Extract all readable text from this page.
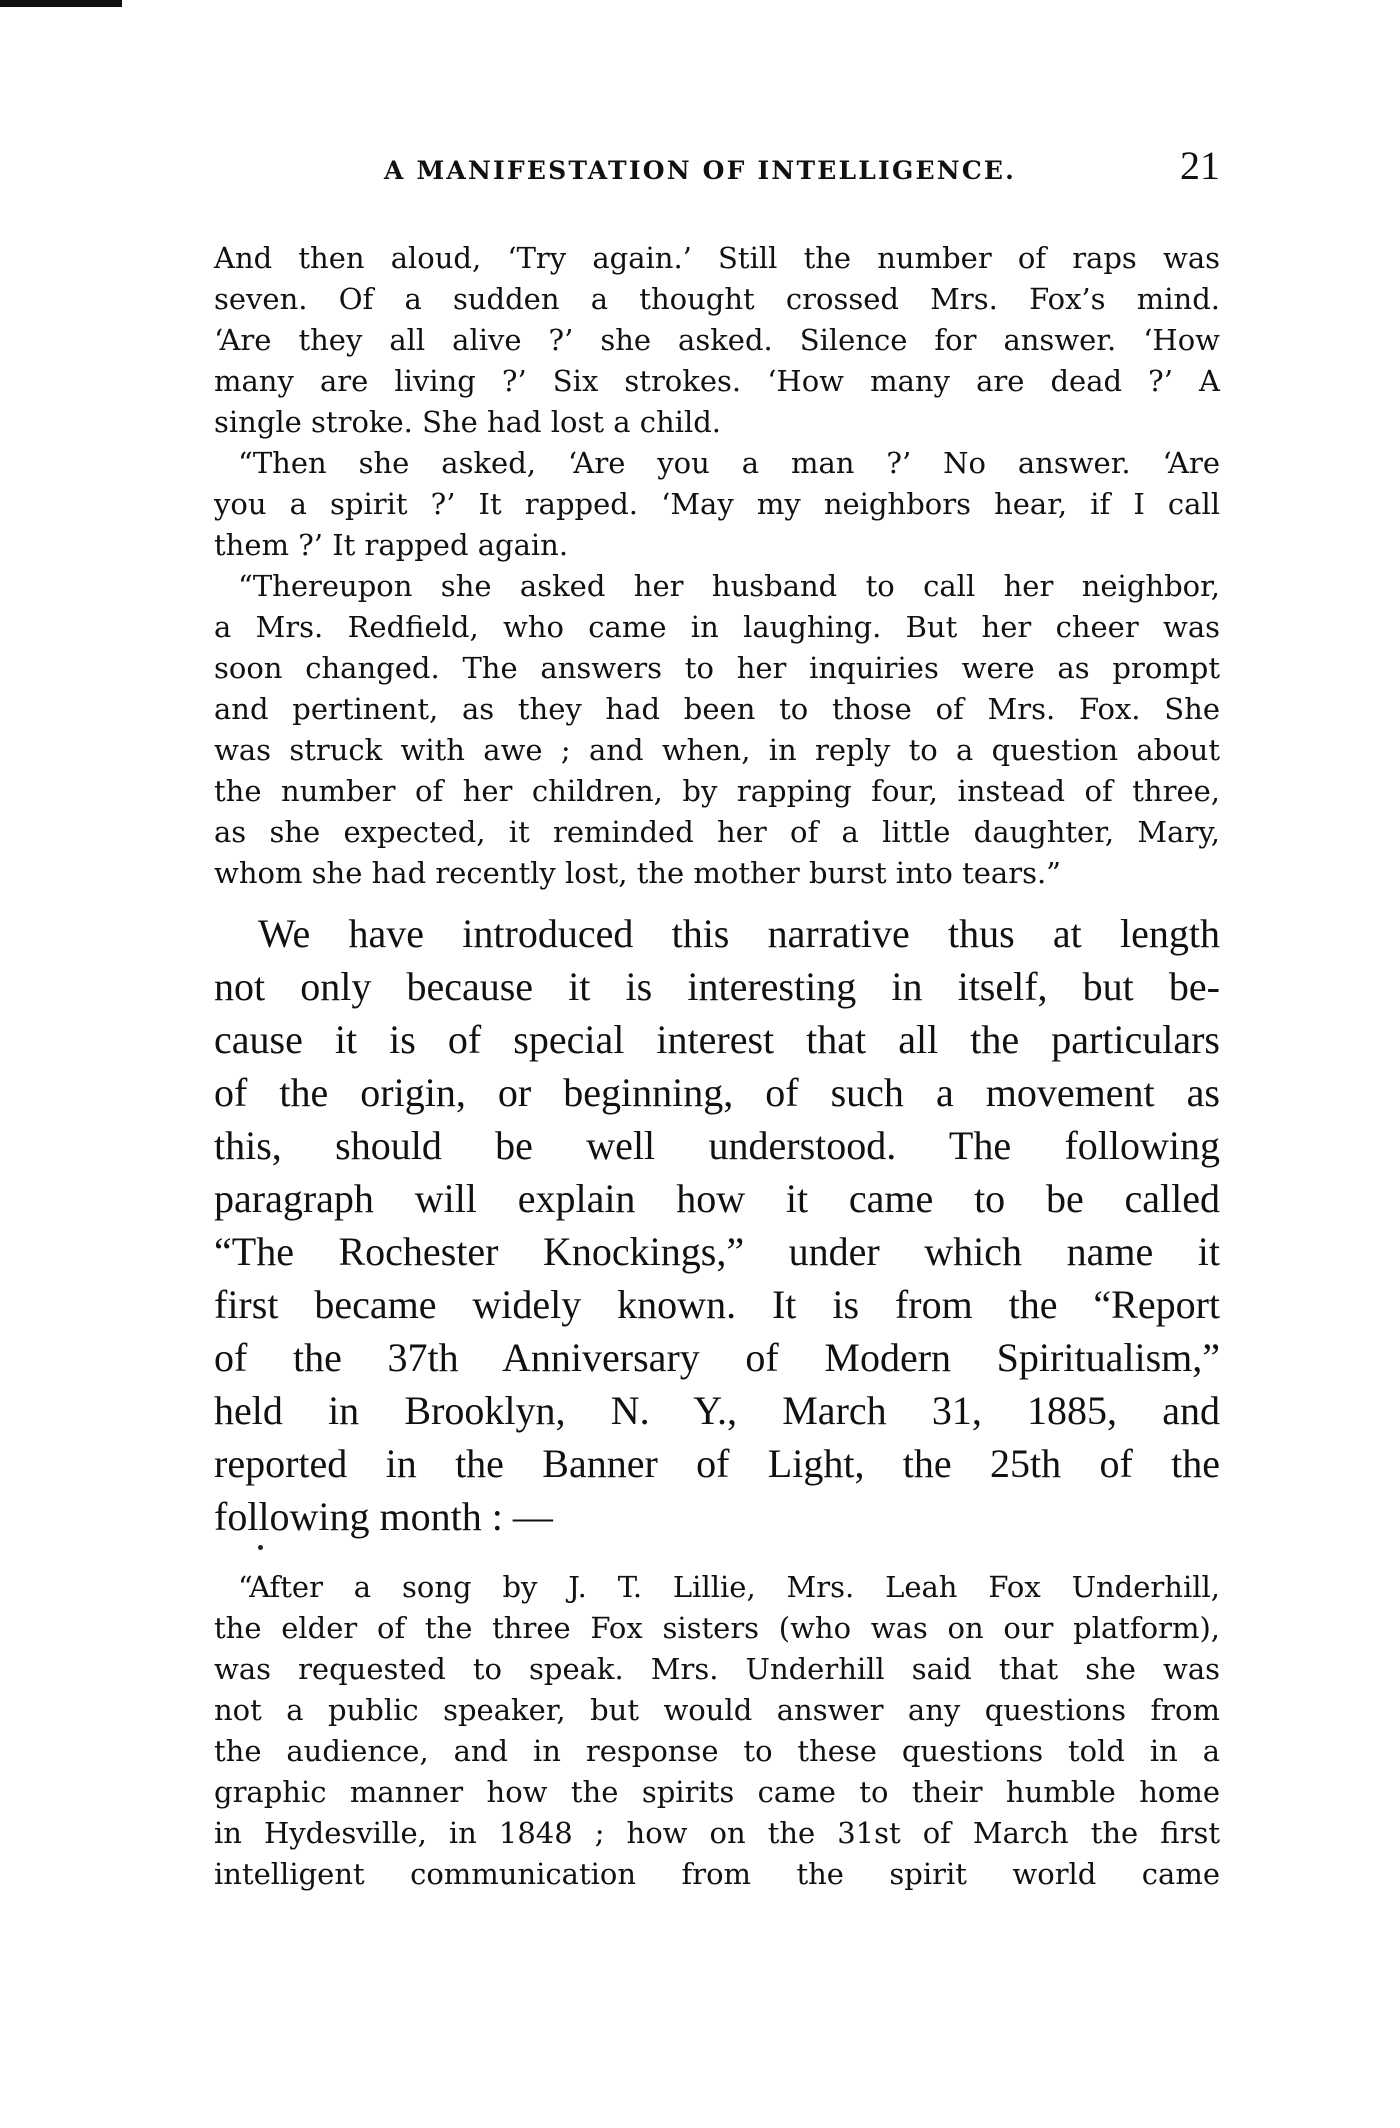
A MANIFESTATION OF INTELLIGENCE.	21
And then aloud, ‘Try again.’ Still the number of raps was
seven. Of a sudden a thought crossed Mrs. Fox’s mind.
‘Are they all alive ?’ she asked. Silence for answer. ‘How
many are living ?’ Six strokes. ‘How many are dead ?’ A
single stroke. She had lost a child.
“Then she asked, ‘Are you a man ?’ No answer. ‘Are
you a spirit ?’ It rapped. ‘May my neighbors hear, if I call
them ?’ It rapped again.
“Thereupon she asked her husband to call her neighbor,
a Mrs. Redfield, who came in laughing. But her cheer was
soon changed. The answers to her inquiries were as prompt
and pertinent, as they had been to those of Mrs. Fox. She
was struck with awe ; and when, in reply to a question about
the number of her children, by rapping four, instead of three,
as she expected, it reminded her of a little daughter, Mary,
whom she had recently lost, the mother burst into tears.”
We have introduced this narrative thus at length
not only because it is interesting in itself, but be-
cause it is of special interest that all the particulars
of the origin, or beginning, of such a movement as
this, should be well understood. The following
paragraph will explain how it came to be called
“The Rochester Knockings,” under which name it
first became widely known. It is from the “Report
of the 37th Anniversary of Modern Spiritualism,”
held in Brooklyn, N. Y., March 31, 1885, and
reported in the Banner of Light, the 25th of the
following month : —
“After a song by J. T. Lillie, Mrs. Leah Fox Underhill,
the elder of the three Fox sisters (who was on our platform),
was requested to speak. Mrs. Underhill said that she was
not a public speaker, but would answer any questions from
the audience, and in response to these questions told in a
graphic manner how the spirits came to their humble home
in Hydesville, in 1848 ; how on the 31st of March the first
intelligent communication from the spirit world came
